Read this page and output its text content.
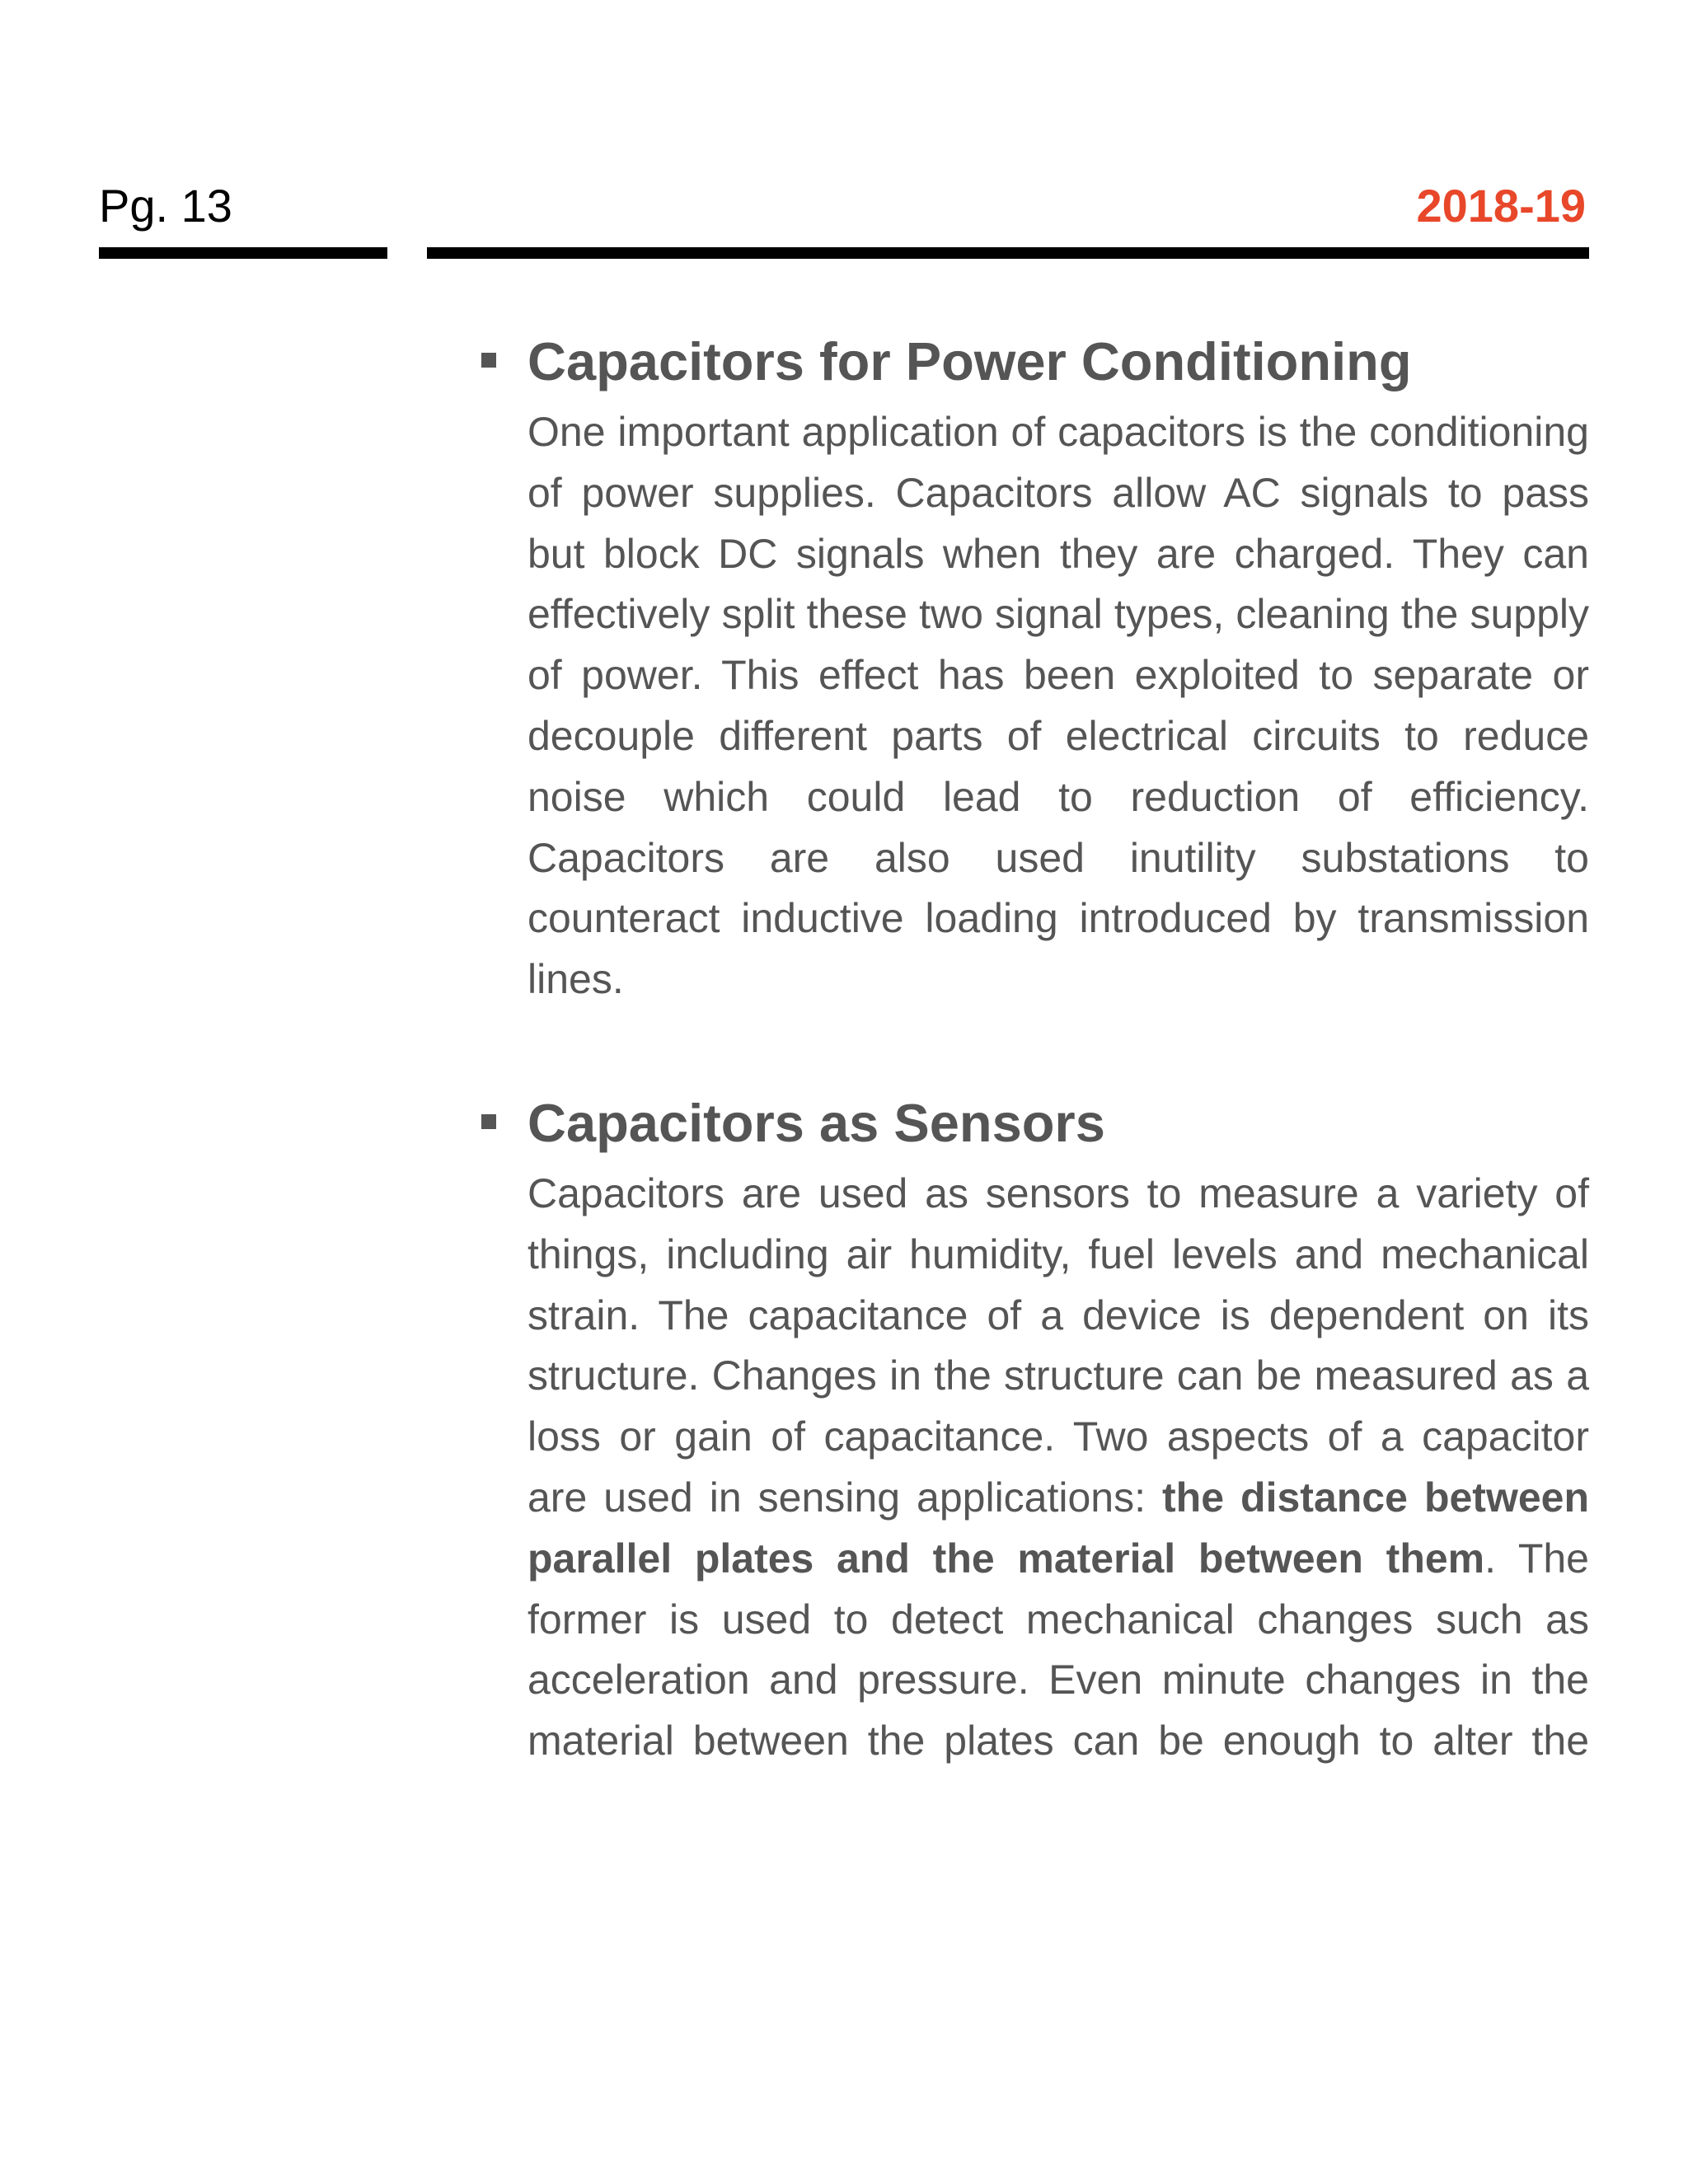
Pg. 13	2018-19
Capacitors for Power Conditioning

One important application of capacitors is the conditioning of power supplies. Capacitors allow AC signals to pass but block DC signals when they are charged. They can effectively split these two signal types, cleaning the supply of power. This effect has been exploited to separate or decouple different parts of electrical circuits to reduce noise which could lead to reduction of efficiency. Capacitors are also used inutility substations to counteract inductive loading introduced by transmission lines.

Capacitors as Sensors

Capacitors are used as sensors to measure a variety of things, including air humidity, fuel levels and mechanical strain. The capacitance of a device is dependent on its structure. Changes in the structure can be measured as a loss or gain of capacitance. Two aspects of a capacitor are used in sensing applications: the distance between parallel plates and the material between them. The former is used to detect mechanical changes such as acceleration and pressure. Even minute changes in the material between the plates can be enough to alter the
